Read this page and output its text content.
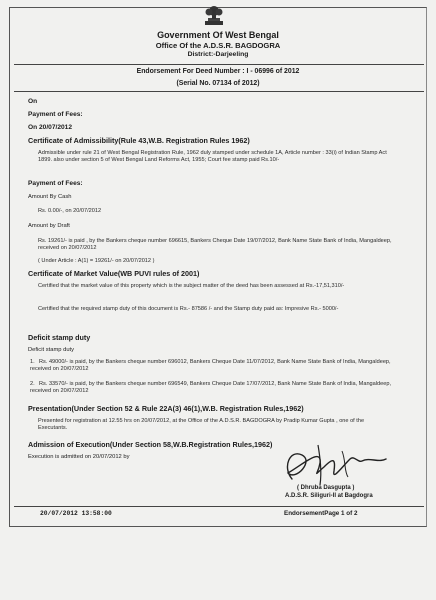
Government Of West Bengal
Office Of the A.D.S.R. BAGDOGRA
District:-Darjeeling
Endorsement For Deed Number : I - 06996 of 2012
(Serial No. 07134 of 2012)
On
Payment of Fees:
On 20/07/2012
Certificate of Admissibility(Rule 43,W.B. Registration Rules 1962)
Admissible under rule 21 of West Bengal Registration Rule, 1962 duly stamped under schedule 1A, Article number : 33(i) of Indian Stamp Act 1899. also under section 5 of West Bengal Land Reforms Act, 1955; Court fee stamp paid Rs.10/-
Payment of Fees:
Amount By Cash
Rs. 0.00/-, on 20/07/2012
Amount by Draft
Rs. 19261/- is paid , by the Bankers cheque number 696615, Bankers Cheque Date 19/07/2012, Bank Name State Bank of India, Mangaldeep, received on 20/07/2012
( Under Article : A(1) = 19261/- on 20/07/2012 )
Certificate of Market Value(WB PUVI rules of 2001)
Certified that the market value of this property which is the subject matter of the deed has been assessed at Rs.-17,51,310/-
Certified that the required stamp duty of this document is Rs.- 87586 /- and the Stamp duty paid as: Impresive Rs.- 5000/-
Deficit stamp duty
Deficit stamp duty
1. Rs. 49000/- is paid, by the Bankers cheque number 696012, Bankers Cheque Date 11/07/2012, Bank Name State Bank of India, Mangaldeep, received on 20/07/2012
2. Rs. 33570/- is paid, by the Bankers cheque number 696549, Bankers Cheque Date 17/07/2012, Bank Name State Bank of India, Mangaldeep, received on 20/07/2012
Presentation(Under Section 52 & Rule 22A(3) 46(1),W.B. Registration Rules,1962)
Presented for registration at 12.55 hrs on 20/07/2012, at the Office of the A.D.S.R. BAGDOGRA by Pradip Kumar Gupta , one of the Executants.
Admission of Execution(Under Section 58,W.B.Registration Rules,1962)
Execution is admitted on 20/07/2012 by
( Dhruba Dasgupta )
A.D.S.R. Siliguri-II at Bagdogra
20/07/2012 13:58:00	EndorsementPage 1 of 2
